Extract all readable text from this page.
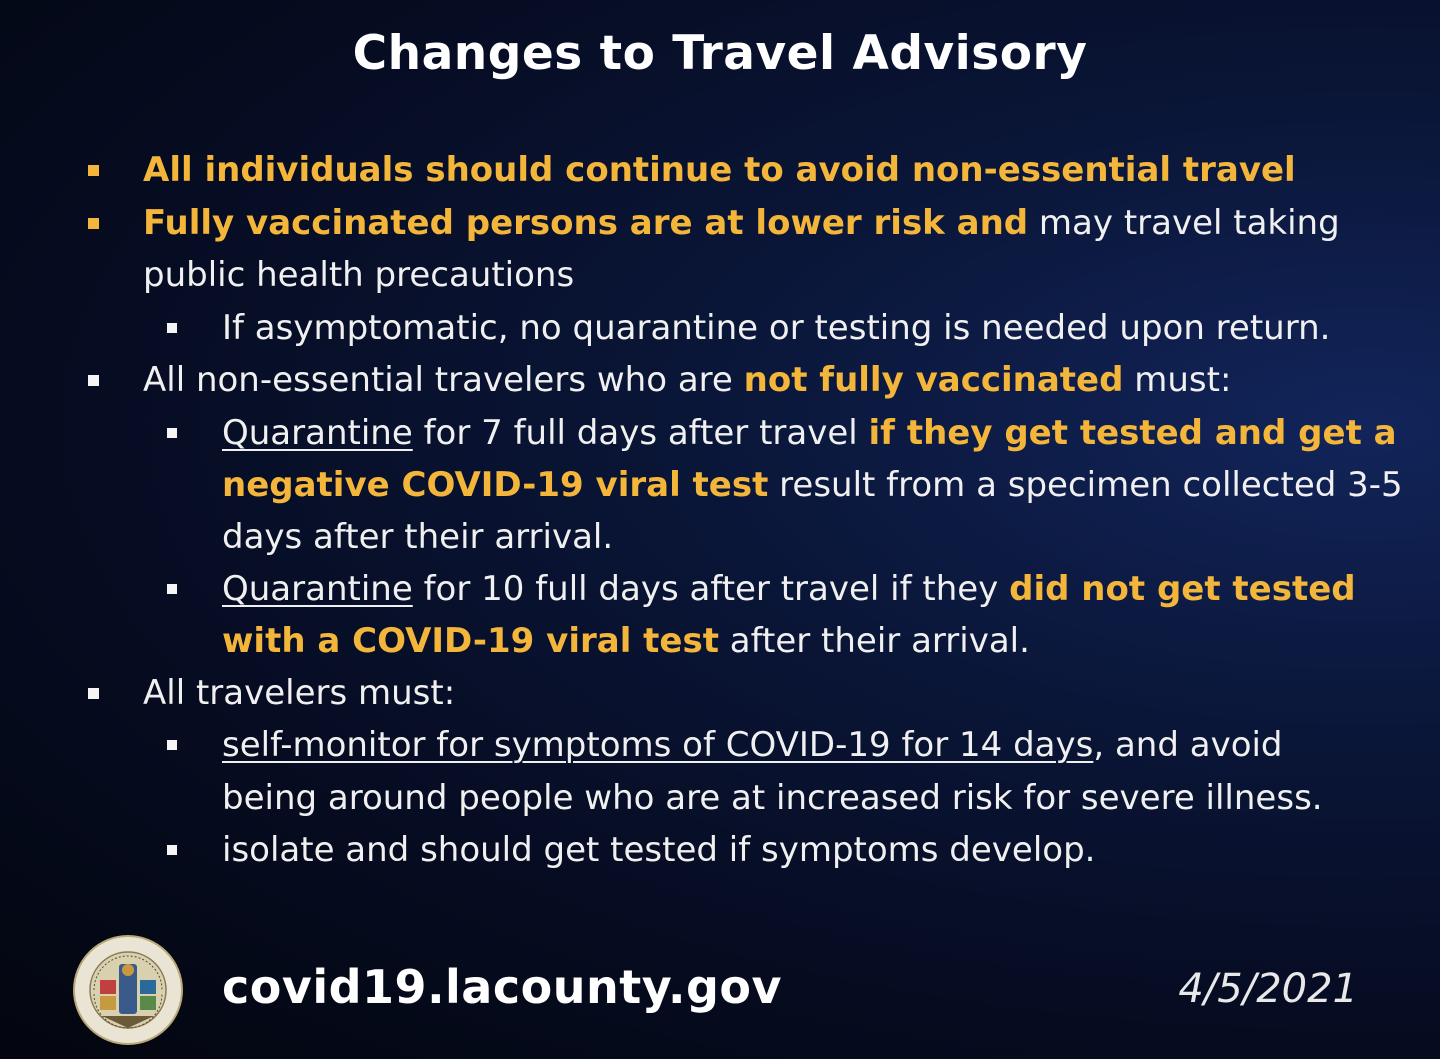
Changes to Travel Advisory
All individuals should continue to avoid non-essential travel
Fully vaccinated persons are at lower risk and may travel taking
public health precautions
If asymptomatic, no quarantine or testing is needed upon return.
All non-essential travelers who are not fully vaccinated must:
Quarantine for 7 full days after travel if they get tested and get a
negative COVID-19 viral test result from a specimen collected 3-5
days after their arrival.
Quarantine for 10 full days after travel if they did not get tested
with a COVID-19 viral test after their arrival.
All travelers must:
self-monitor for symptoms of COVID-19 for 14 days, and avoid
being around people who are at increased risk for severe illness.
isolate and should get tested if symptoms develop.
covid19.lacounty.gov	4/5/2021
